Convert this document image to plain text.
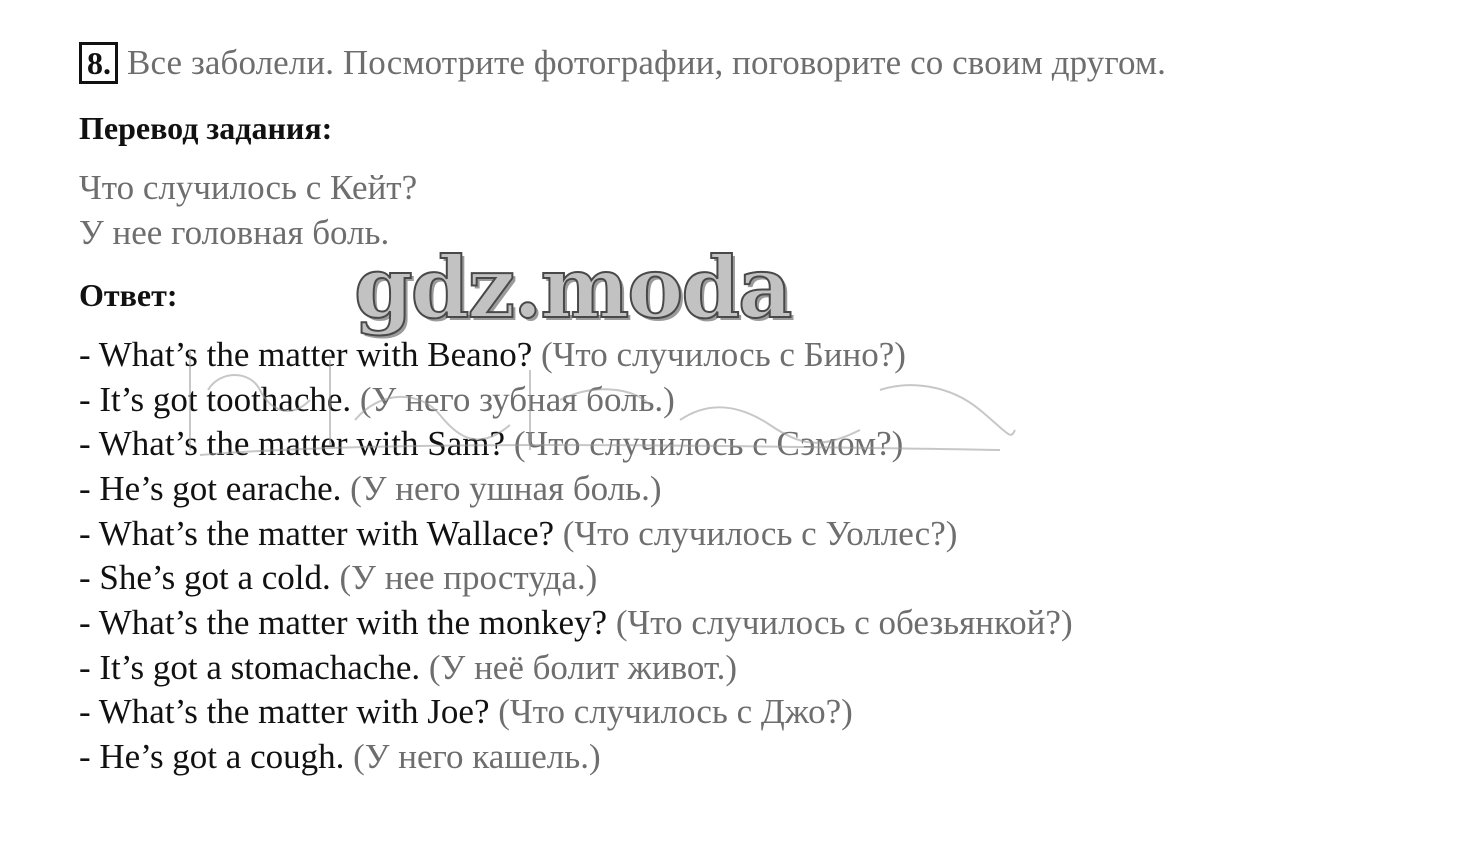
8. Все заболели. Посмотрите фотографии, поговорите со своим другом.
Перевод задания:
Что случилось с Кейт?
У нее головная боль.
Ответ:
- What’s the matter with Beano? (Что случилось с Бино?)
- It’s got toothache. (У него зубная боль.)
- What’s the matter with Sam? (Что случилось с Сэмом?)
- He’s got earache. (У него ушная боль.)
- What’s the matter with Wallace? (Что случилось с Уоллес?)
- She’s got a cold. (У нее простуда.)
- What’s the matter with the monkey? (Что случилось с обезьянкой?)
- It’s got a stomachache. (У неё болит живот.)
- What’s the matter with Joe? (Что случилось с Джо?)
- He’s got a cough. (У него кашель.)
gdz.moda
